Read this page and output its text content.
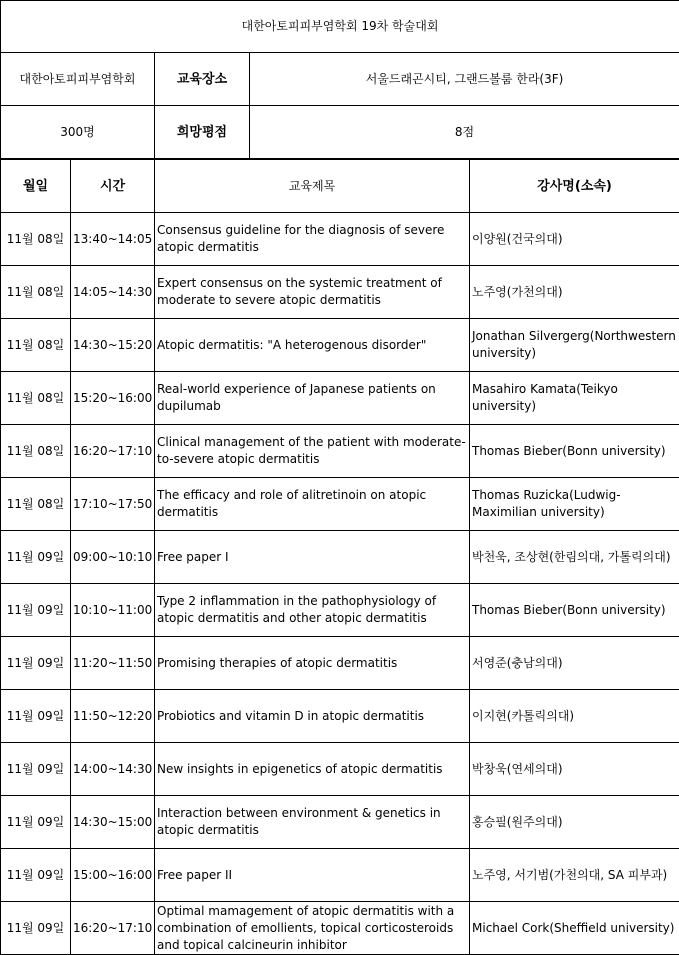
대한아토피피부염학회 19차 학술대회		
대한아토피피부염학회	교육장소	서울드래곤시티, 그랜드볼룸 한라(3F)
300명	희망평점	8점
월일	시간	교육제목	강사명(소속)
11월 08일	13:40~14:05	Consensus guideline for the diagnosis of severe atopic dermatitis	이양원(건국의대)
11월 08일	14:05~14:30	Expert consensus on the systemic treatment of moderate to severe atopic dermatitis	노주영(가천의대)
11월 08일	14:30~15:20	Atopic dermatitis: "A heterogenous disorder"	Jonathan Silvergerg(Northwestern university)
11월 08일	15:20~16:00	Real-world experience of Japanese patients on dupilumab	Masahiro Kamata(Teikyo university)
11월 08일	16:20~17:10	Clinical management of the patient with moderate-to-severe atopic dermatitis	Thomas Bieber(Bonn university)
11월 08일	17:10~17:50	The efficacy and role of alitretinoin on atopic dermatitis	Thomas Ruzicka(Ludwig-Maximilian university)
11월 09일	09:00~10:10	Free paper I	박천욱, 조상현(한림의대, 가톨릭의대)
11월 09일	10:10~11:00	Type 2 inflammation in the pathophysiology of atopic dermatitis and other atopic dermatitis	Thomas Bieber(Bonn university)
11월 09일	11:20~11:50	Promising therapies of atopic dermatitis	서영준(충남의대)
11월 09일	11:50~12:20	Probiotics and vitamin D in atopic dermatitis	이지현(카톨릭의대)
11월 09일	14:00~14:30	New insights in epigenetics of atopic dermatitis	박창욱(연세의대)
11월 09일	14:30~15:00	Interaction between environment & genetics in atopic dermatitis	홍승필(원주의대)
11월 09일	15:00~16:00	Free paper II	노주영, 서기범(가천의대, SA 피부과)
11월 09일	16:20~17:10	Optimal mamagement of atopic dermatitis with a combination of emollients, topical corticosteroids and topical calcineurin inhibitor	Michael Cork(Sheffield university)
